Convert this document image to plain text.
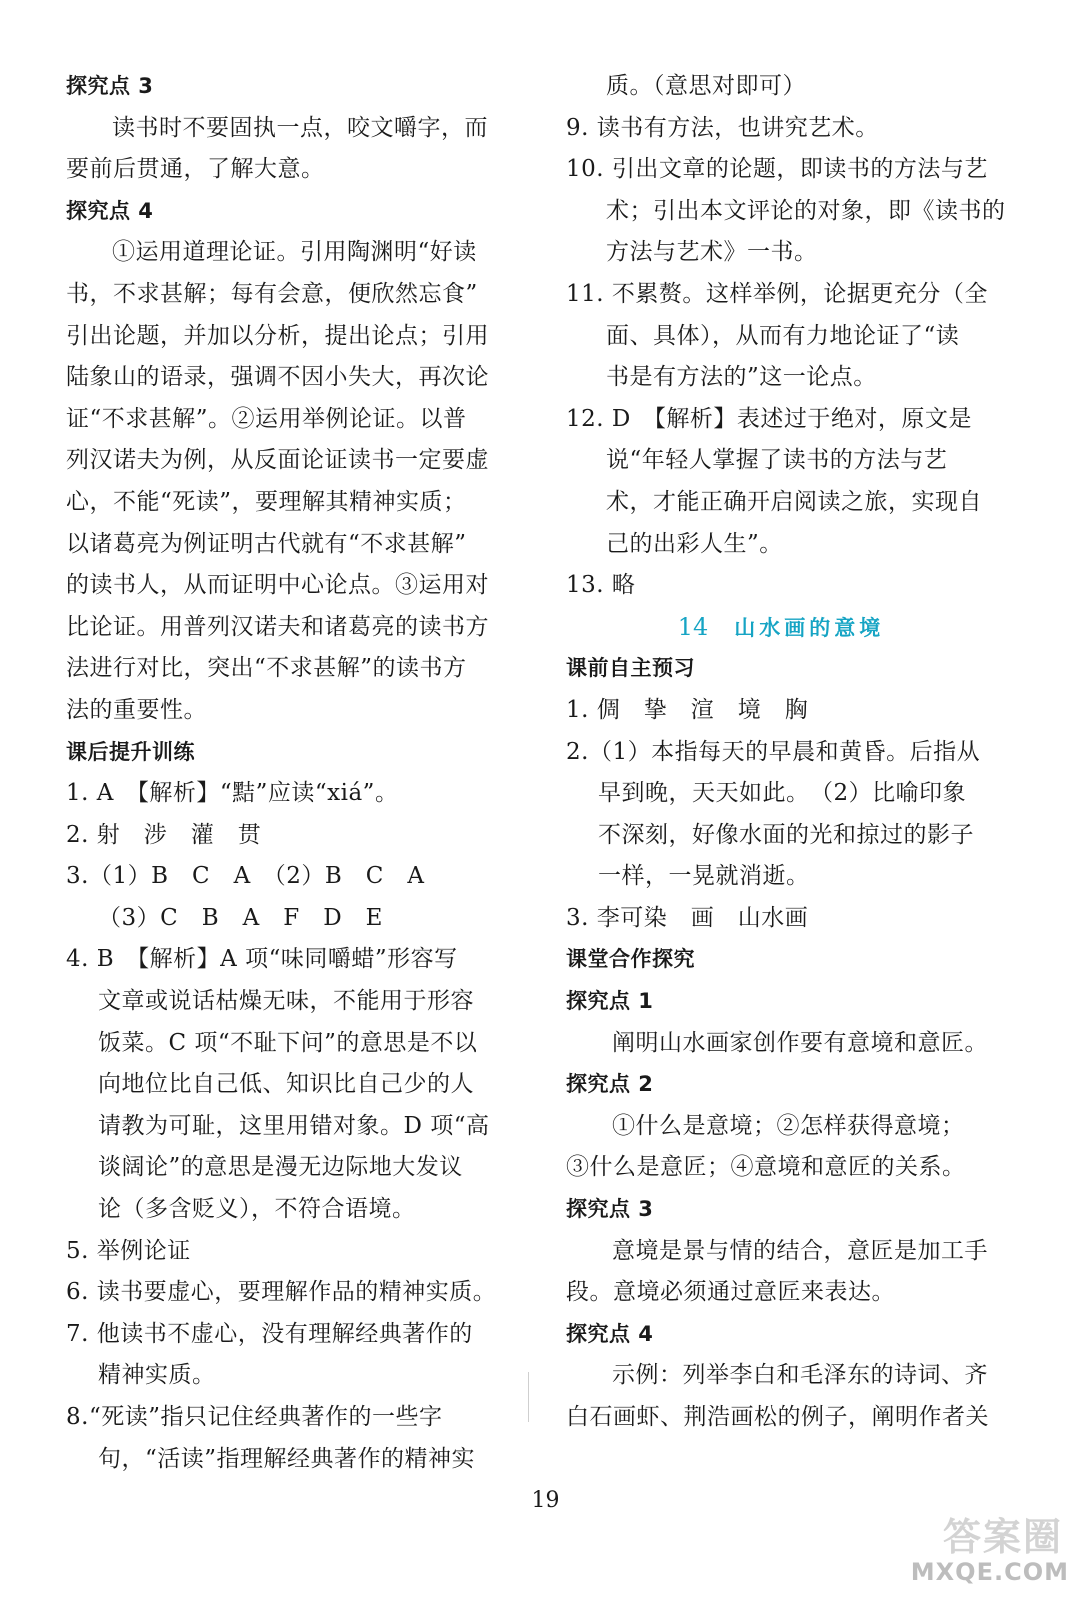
探究点 3
读书时不要固执一点，咬文嚼字，而
要前后贯通，了解大意。
探究点 4
①运用道理论证。引用陶渊明“好读
书，不求甚解；每有会意，便欣然忘食”
引出论题，并加以分析，提出论点；引用
陆象山的语录，强调不因小失大，再次论
证“不求甚解”。②运用举例论证。以普
列汉诺夫为例，从反面论证读书一定要虚
心，不能“死读”，要理解其精神实质；
以诸葛亮为例证明古代就有“不求甚解”
的读书人，从而证明中心论点。③运用对
比论证。用普列汉诺夫和诸葛亮的读书方
法进行对比，突出“不求甚解”的读书方
法的重要性。
课后提升训练
1. A　【解析】“黠”应读“xiá”。
2. 射　涉　灌　贯
3.（1）B　C　A　（2）B　C　A
（3）C　B　A　F　D　E
4. B　【解析】A 项“味同嚼蜡”形容写
文章或说话枯燥无味，不能用于形容
饭菜。C 项“不耻下问”的意思是不以
向地位比自己低、知识比自己少的人
请教为可耻，这里用错对象。D 项“高
谈阔论”的意思是漫无边际地大发议
论（多含贬义），不符合语境。
5. 举例论证
6. 读书要虚心，要理解作品的精神实质。
7. 他读书不虚心，没有理解经典著作的
精神实质。
8.“死读”指只记住经典著作的一些字
句，“活读”指理解经典著作的精神实
质。（意思对即可）
9. 读书有方法，也讲究艺术。
10. 引出文章的论题，即读书的方法与艺
术；引出本文评论的对象，即《读书的
方法与艺术》一书。
11. 不累赘。这样举例，论据更充分（全
面、具体），从而有力地论证了“读
书是有方法的”这一论点。
12. D　【解析】表述过于绝对，原文是
说“年轻人掌握了读书的方法与艺
术，才能正确开启阅读之旅，实现自
己的出彩人生”。
13. 略
14 山水画的意境
课前自主预习
1. 倜　挚　渲　境　胸
2.（1）本指每天的早晨和黄昏。后指从
早到晚，天天如此。　（2）比喻印象
不深刻，好像水面的光和掠过的影子
一样，一晃就消逝。
3. 李可染　画　山水画
课堂合作探究
探究点 1
阐明山水画家创作要有意境和意匠。
探究点 2
①什么是意境；②怎样获得意境；
③什么是意匠；④意境和意匠的关系。
探究点 3
意境是景与情的结合，意匠是加工手
段。意境必须通过意匠来表达。
探究点 4
示例：列举李白和毛泽东的诗词、齐
白石画虾、荆浩画松的例子，阐明作者关
19
答案圈
MXQE.COM
